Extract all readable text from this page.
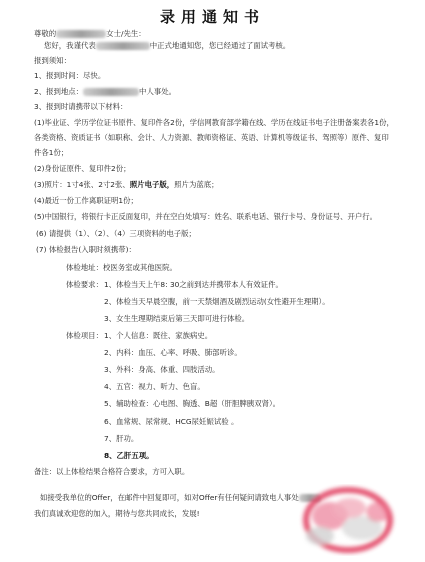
录用通知书
尊敬的	女士/先生：
您好，我谨代表	中正式地通知您，您已经通过了面试考核。
报到须知：
1、报到时间：尽快。
2、报到地点：	中人事处。
3、报到时请携带以下材料：
(1)毕业证、学历学位证书原件、复印件各2份，学信网教育部学籍在线、学历在线证书电子注册备案表各1份，
各类资格、资质证书（如职称、会计、人力资源、教师资格证、英语、计算机等级证书、驾照等）原件、复印
件各1份；
(2)身份证原件、复印件2份；
(3)照片：1寸4张、2寸2张、照片电子版，照片为蓝底；
(4)最近一份工作离职证明1份；
(5)中国银行，将银行卡正反面复印，并在空白处填写：姓名、联系电话、银行卡号、身份证号、开户行。
(6) 请提供（1）、（2）、（4）三项资料的电子版；
(7) 体检报告(入职时须携带)：
体检地址：校医务室或其他医院。
体检要求： 1、体检当天上午8: 30之前到达并携带本人有效证件。
2、体检当天早晨空腹，前一天禁烟酒及剧烈运动(女性避开生理期）。
3、女生生理期结束后第三天即可进行体检。
体检项目： 1、个人信息：既往、家族病史。
2、内科：血压、心率、呼吸、肺部听诊。
3、外科：身高、体重、四肢活动。
4、五官：视力、听力、色盲。
5、辅助检查：心电图、胸透、B超（肝胆脾胰双肾）。
6、血常规、尿常规、HCG尿妊娠试验 。
7、肝功。
8、乙肝五项。
备注：以上体检结果合格符合要求，方可入职。
如接受我单位的Offer，在邮件中回复即可，如对Offer有任何疑问请致电人事处
我们真诚欢迎您的加入，期待与您共同成长，发展!
